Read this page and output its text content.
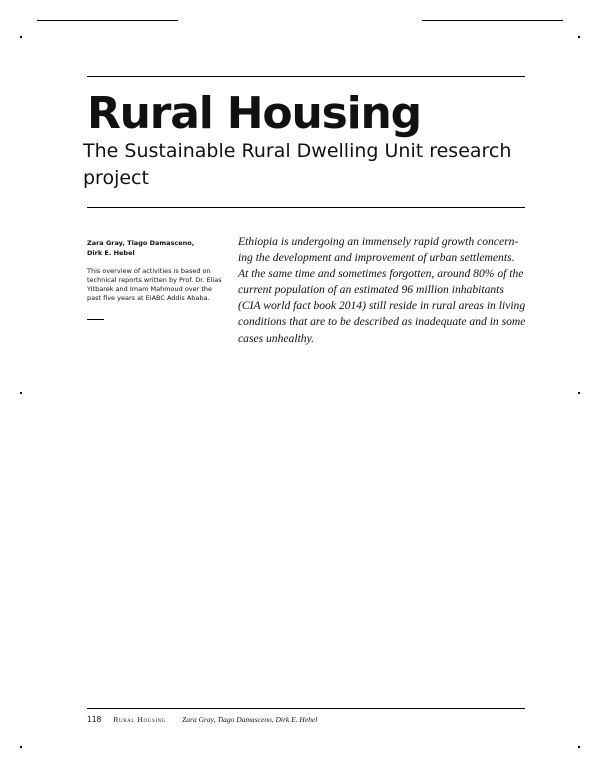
Rural Housing

The Sustainable Rural Dwelling Unit research project

Zara Gray, Tiago Damasceno,
Dirk E. Hebel
This overview of activities is based on
technical reports written by Prof. Dr. Elias
Yitbarek and Imam Mahmoud over the
past five years at EiABC Addis Ababa.
Ethiopia is undergoing an immensely rapid growth concern-
ing the development and improvement of urban settlements.
At the same time and sometimes forgotten, around 80% of the
current population of an estimated 96 million inhabitants
(CIA world fact book 2014) still reside in rural areas in living
conditions that are to be described as inadequate and in some
cases unhealthy.
118 Rural Housing Zara Gray, Tiago Damasceno, Dirk E. Hebel
